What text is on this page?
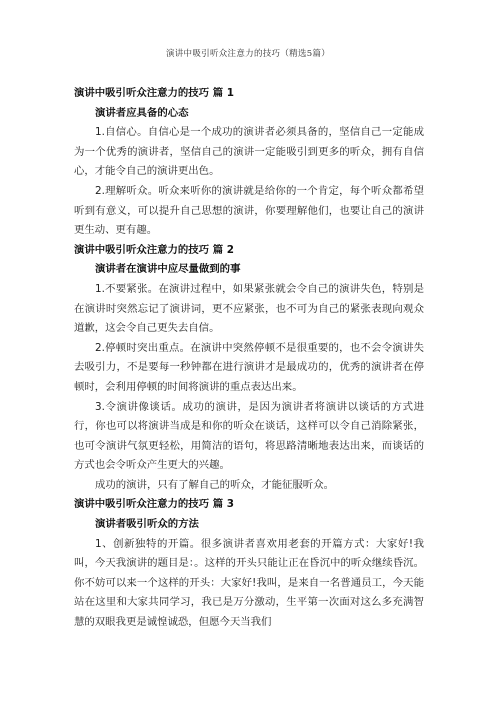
演讲中吸引听众注意力的技巧（精选5篇）

演讲中吸引听众注意力的技巧 篇 1

演讲者应具备的心态

1.自信心。自信心是一个成功的演讲者必须具备的，坚信自己一定能成为一个优秀的演讲者，坚信自己的演讲一定能吸引到更多的听众，拥有自信心，才能令自己的演讲更出色。

2.理解听众。听众来听你的演讲就是给你的一个肯定，每个听众都希望听到有意义，可以提升自己思想的演讲，你要理解他们，也要让自己的演讲更生动、更有趣。

演讲中吸引听众注意力的技巧 篇 2

演讲者在演讲中应尽量做到的事

1.不要紧张。在演讲过程中，如果紧张就会令自己的演讲失色，特别是在演讲时突然忘记了演讲词，更不应紧张，也不可为自己的紧张表现向观众道歉，这会令自己更失去自信。

2.停顿时突出重点。在演讲中突然停顿不是很重要的，也不会令演讲失去吸引力，不是要每一秒钟都在进行演讲才是最成功的，优秀的演讲者在停顿时，会利用停顿的时间将演讲的重点表达出来。

3.令演讲像谈话。成功的演讲，是因为演讲者将演讲以谈话的方式进行，你也可以将演讲当成是和你的听众在谈话，这样可以令自己消除紧张，也可令演讲气氛更轻松，用简洁的语句，将思路清晰地表达出来，而谈话的方式也会令听众产生更大的兴趣。

成功的演讲，只有了解自己的听众，才能征服听众。

演讲中吸引听众注意力的技巧 篇 3

演讲者吸引听众的方法

1、创新独特的开篇。很多演讲者喜欢用老套的开篇方式：大家好!我叫，今天我演讲的题目是：。这样的开头只能让正在昏沉中的听众继续昏沉。你不妨可以来一个这样的开头：大家好!我叫，是来自一名普通员工，今天能站在这里和大家共同学习，我已是万分激动，生平第一次面对这么多充满智慧的双眼我更是诚惶诚恐，但愿今天当我们
